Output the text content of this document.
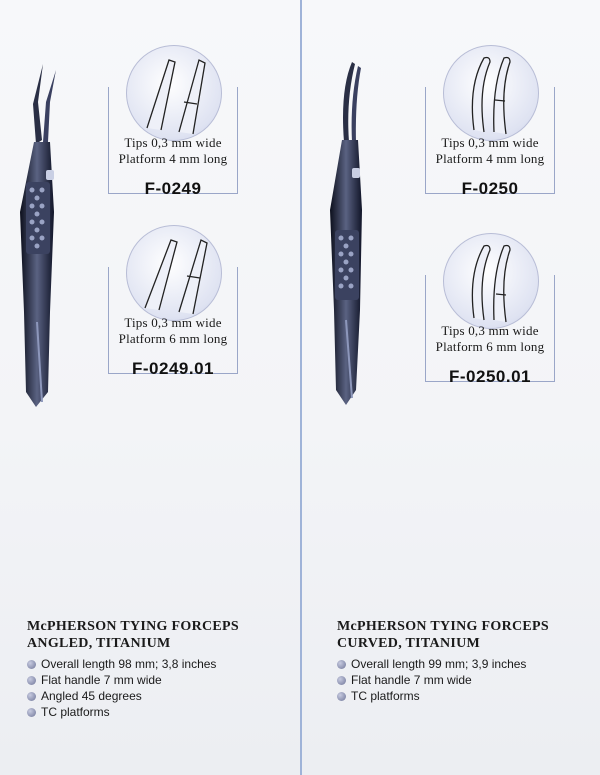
Tips 0,3 mm wide
Platform 4 mm long
F-0249
Tips 0,3 mm wide
Platform 6 mm long
F-0249.01
Tips 0,3 mm wide
Platform 4 mm long
F-0250
Tips 0,3 mm wide
Platform 6 mm long
F-0250.01
McPHERSON TYING FORCEPS
ANGLED, TITANIUM
Overall length 98 mm; 3,8 inches
Flat handle 7 mm wide
Angled 45 degrees
TC platforms
McPHERSON TYING FORCEPS
CURVED, TITANIUM
Overall length 99 mm; 3,9 inches
Flat handle 7 mm wide
TC platforms
